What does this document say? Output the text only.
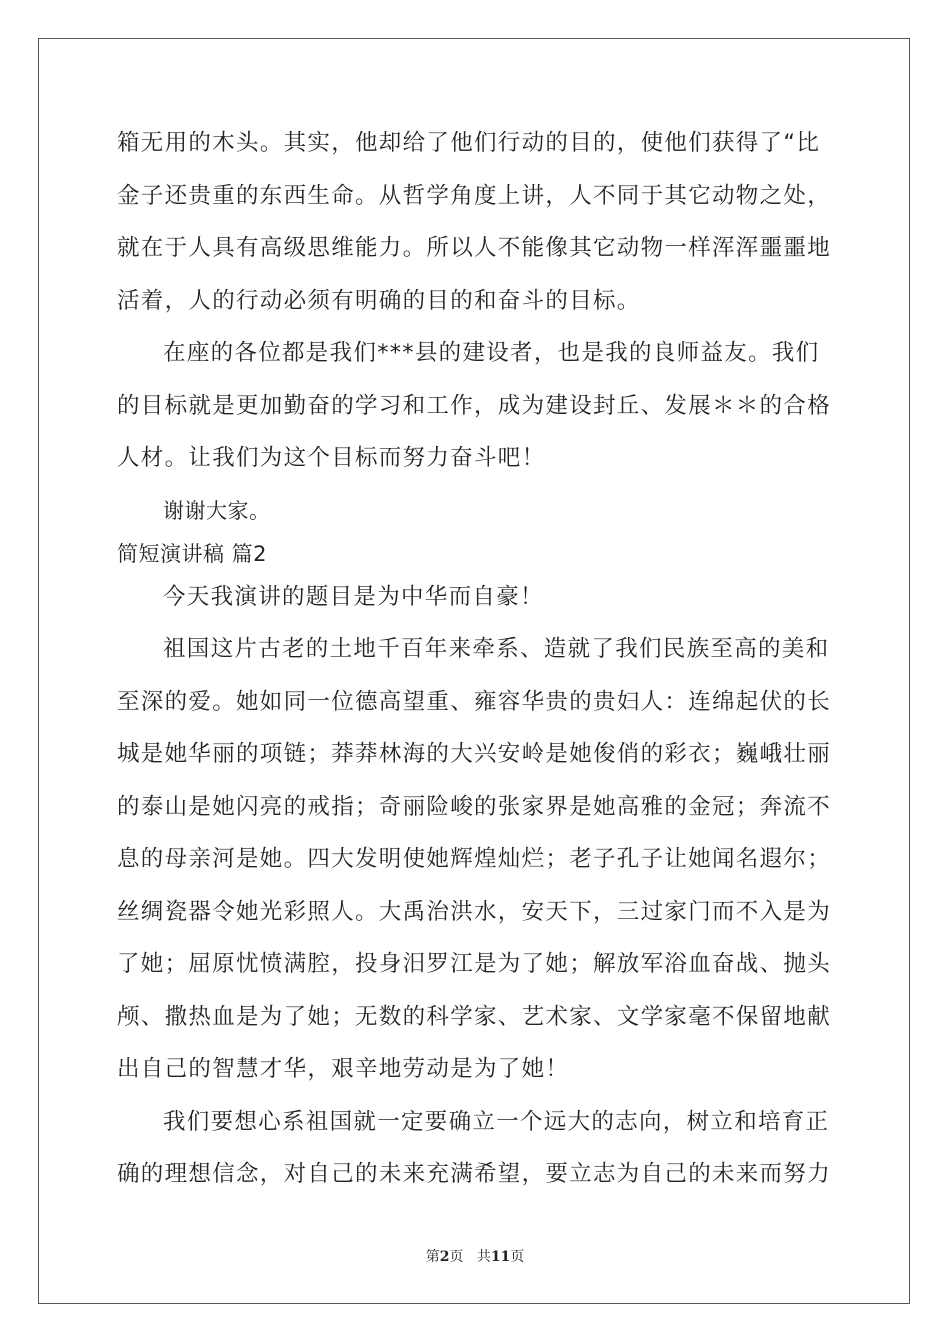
箱无用的木头。其实，他却给了他们行动的目的，使他们获得了“比
金子还贵重的东西生命。从哲学角度上讲，人不同于其它动物之处，
就在于人具有高级思维能力。所以人不能像其它动物一样浑浑噩噩地
活着，人的行动必须有明确的目的和奋斗的目标。
在座的各位都是我们***县的建设者，也是我的良师益友。我们
的目标就是更加勤奋的学习和工作，成为建设封丘、发展＊＊的合格
人材。让我们为这个目标而努力奋斗吧！
谢谢大家。
简短演讲稿 篇2
今天我演讲的题目是为中华而自豪！
祖国这片古老的土地千百年来牵系、造就了我们民族至高的美和
至深的爱。她如同一位德高望重、雍容华贵的贵妇人：连绵起伏的长
城是她华丽的项链；莽莽林海的大兴安岭是她俊俏的彩衣；巍峨壮丽
的泰山是她闪亮的戒指；奇丽险峻的张家界是她高雅的金冠；奔流不
息的母亲河是她。四大发明使她辉煌灿烂；老子孔子让她闻名遐尔；
丝绸瓷器令她光彩照人。大禹治洪水，安天下，三过家门而不入是为
了她；屈原忧愤满腔，投身汨罗江是为了她；解放军浴血奋战、抛头
颅、撒热血是为了她；无数的科学家、艺术家、文学家毫不保留地献
出自己的智慧才华，艰辛地劳动是为了她！
我们要想心系祖国就一定要确立一个远大的志向，树立和培育正
确的理想信念，对自己的未来充满希望，要立志为自己的未来而努力
第2页 共11页
